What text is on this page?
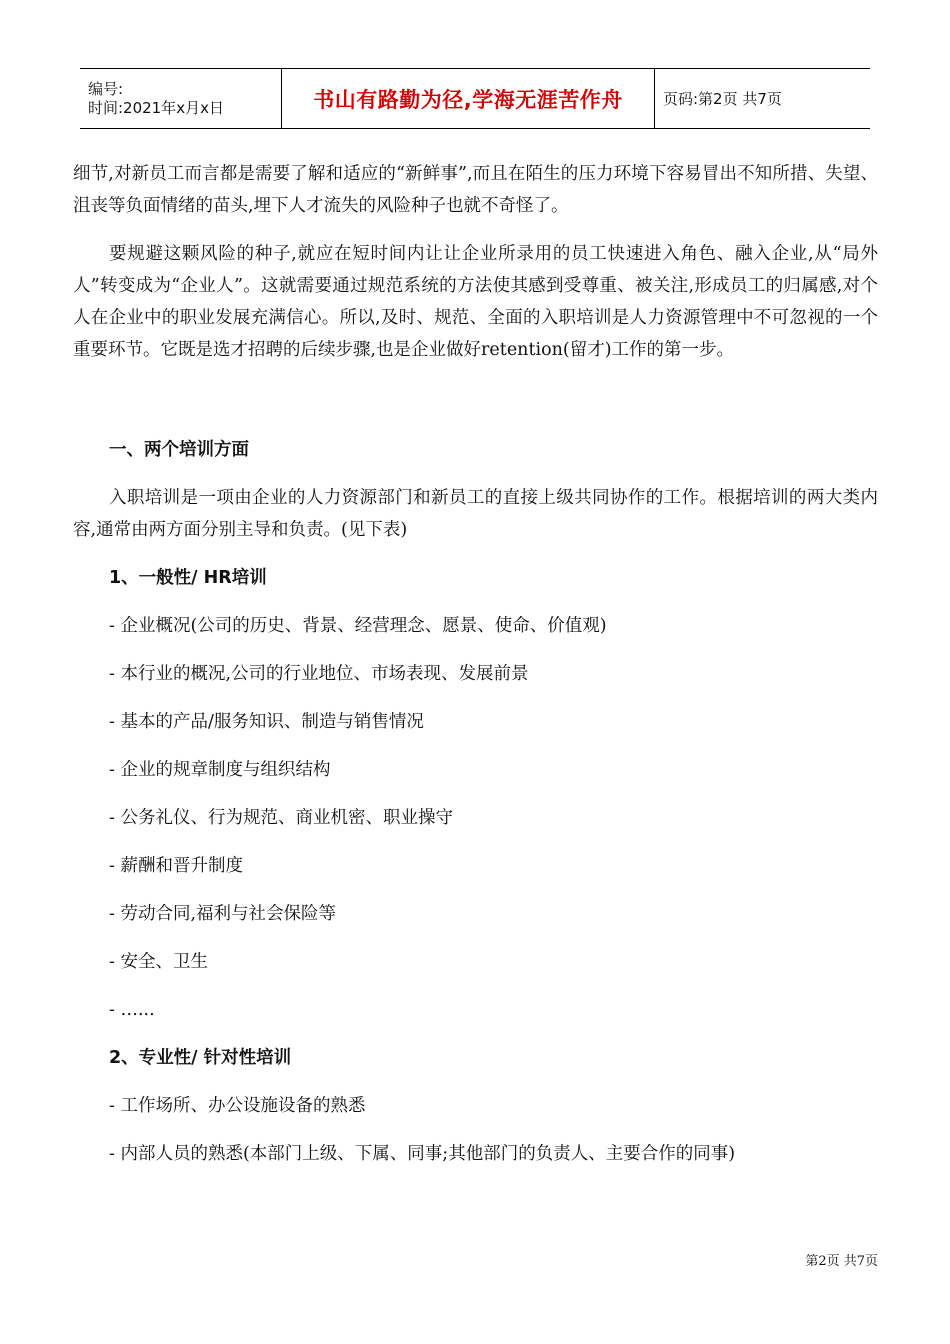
编号:
时间:2021年x月x日	书山有路勤为径,学海无涯苦作舟	页码:第2页 共7页

细节,对新员工而言都是需要了解和适应的“新鲜事”,而且在陌生的压力环境下容易冒出不知所措、失望、沮丧等负面情绪的苗头,埋下人才流失的风险种子也就不奇怪了。

要规避这颗风险的种子,就应在短时间内让让企业所录用的员工快速进入角色、融入企业,从“局外人”转变成为“企业人”。这就需要通过规范系统的方法使其感到受尊重、被关注,形成员工的归属感,对个人在企业中的职业发展充满信心。所以,及时、规范、全面的入职培训是人力资源管理中不可忽视的一个重要环节。它既是选才招聘的后续步骤,也是企业做好retention(留才)工作的第一步。

一、两个培训方面

入职培训是一项由企业的人力资源部门和新员工的直接上级共同协作的工作。根据培训的两大类内容,通常由两方面分别主导和负责。(见下表)

1、一般性/ HR培训

- 企业概况(公司的历史、背景、经营理念、愿景、使命、价值观)

- 本行业的概况,公司的行业地位、市场表现、发展前景

- 基本的产品/服务知识、制造与销售情况

- 企业的规章制度与组织结构

- 公务礼仪、行为规范、商业机密、职业操守

- 薪酬和晋升制度

- 劳动合同,福利与社会保险等

- 安全、卫生

- …...

2、专业性/ 针对性培训

- 工作场所、办公设施设备的熟悉

- 内部人员的熟悉(本部门上级、下属、同事;其他部门的负责人、主要合作的同事)

第2页 共7页
